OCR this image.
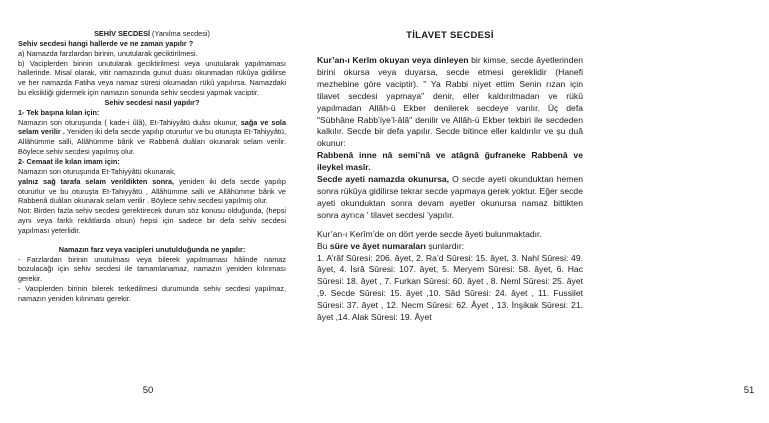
SEHİV SECDESİ (Yanılma secdesi)

Sehiv secdesi hangi hallerde ve ne zaman yapılır ?

a) Namazda farzlardan birinin, unutularak geciktirilmesi.

b) Vaciplerden birinin unutularak geciktirilmesi veya unutularak yapılmaması hallerinde. Misal olarak, vitir namazında gunut duası okunmadan rükûya gidilirse ve her namazda Fatiha veya namaz süresi okumadan rükû yapılırsa. Namazdaki bu eksikliği gidermek için namazın sonunda sehiv secdesi yapmak vaciptir.

Sehiv secdesi nasıl yapılır?

1- Tek başına kılan için:

Namazın son oturuşunda ( kade-i ûlâ), Et-Tahiyyâtü duâsı okunur, sağa ve sola selam verilir . Yeniden iki defa secde yapılıp otururlur ve bu oturuşta Et-Tahiyyâtü, Allâhümme salli, Allâhümme bârik ve Rabbenâ duâları okunarak selam verilir. Böylece sehiv secdesi yapılmış olur.

2- Cemaat ile kılan imam için:

Namazın son oturuşunda Et-Tahiyyâtü okunarak,
yalnız sağ tarafa selam verildikten sonra, yeniden iki defa secde yapılıp otururlur ve bu oturuşta Et-Tahiyyâtü , Allâhümme salli ve Allâhümme bârik ve Rabbenâ duâları okunarak selam verilir . Böylece sehiv secdesi yapılmış olur.

Not: Birden fazla sehiv secdesi gerektirecek durum söz konusu olduğunda, (hepsi aynı veya farklı rekâtlarda olsun) hepsi için sadece bir defa sehiv secdesi yapılması yeterlidir.

Namazın farz veya vacipleri unutulduğunda ne yapılır:

- Farzlardan birinin unutulması veya bilerek yapılmaması hâlinde namaz bozulacağı için sehiv secdesi ile tamamlanamaz, namazın yeniden kılınması gerekir.

- Vaciplerden birinin bilerek terkedilmesi durumunda sehiv secdesi yapılmaz, namazın yeniden kılınması gerekir.

50
TİLAVET SECDESİ

Kur’an-ı Kerîm okuyan veya dinleyen bir kimse, secde âyetlerinden birini okursa veya duyarsa, secde etmesi gereklidir (Hanefi mezhebine göre vaciptir). " Ya Rabbi niyet ettim Senin rızan için tilavet secdesi yapmaya" denir, eller kaldırılmadan ve rükû yapılmadan Allâh-ü Ekber denilerek secdeye varılır. Üç defa "Sübhâne Rabb’iye’l-âlâ" denilir ve Allâh-ü Ekber tekbiri ile secdeden kalkılır. Secde bir defa yapılır. Secde bitince eller kaldırılır ve şu duâ okunur:
Rabbenâ inne nâ semi’nâ ve atâgnâ ğufraneke Rabbenâ ve ileykel masîr.

Secde ayeti namazda okunursa, O secde ayeti okunduktan hemen sonra rükûya gidilirse tekrar secde yapmaya gerek yoktur. Eğer secde ayeti okunduktan sonra devam ayetler okunursa namaz bittikten sonra ayrıca ' tilavet secdesi 'yapılır.

Kur’an-ı Kerîm’de on dört yerde secde âyeti bulunmaktadır.

Bu süre ve âyet numaraları şunlardır:

1. A’râf Sûresi: 206. âyet, 2. Ra’d Sûresi: 15. âyet, 3. Nahl Sûresi: 49. âyet, 4. İsrâ Sûresi: 107. âyet, 5. Meryem Sûresi: 58. âyet, 6. Hac Sûresi: 18. âyet , 7. Furkan Sûresi: 60. âyet , 8. Neml Sûresi: 25. âyet ,9. Secde Sûresi: 15. âyet ,10. Sâd Sûresi: 24. âyet , 11. Fussilet Sûresi: 37. âyet , 12. Necm Sûresi: 62. Âyet , 13. İnşikak Sûresi: 21. âyet ,14. Alak Sûresi: 19. Âyet

51
